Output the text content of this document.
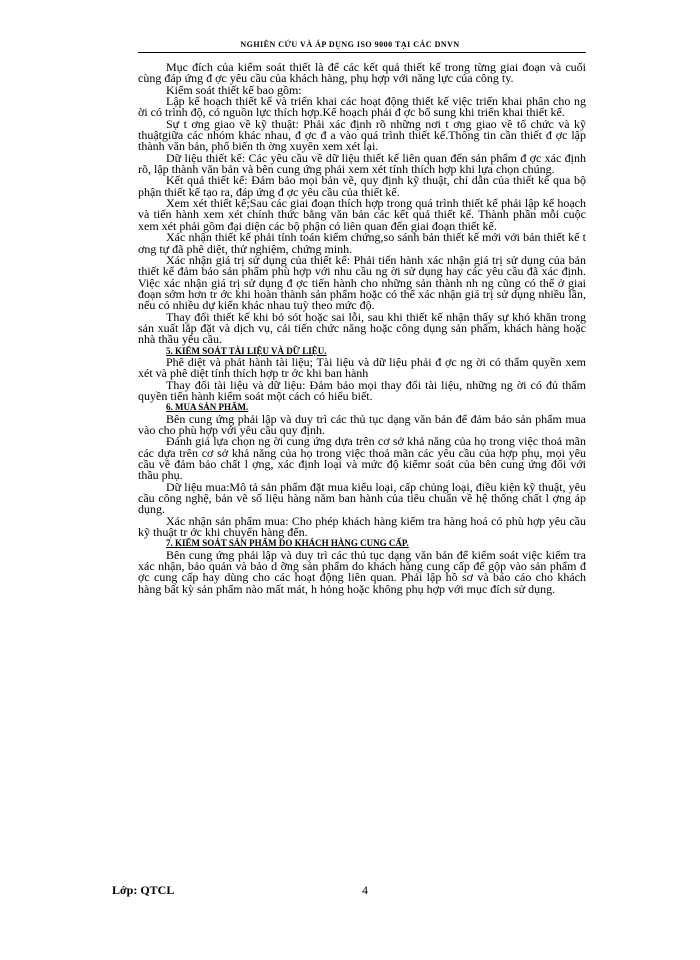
NGHIÊN CỨU VÀ ÁP DỤNG ISO 9000 TẠI CÁC DNVN

Mục đích của kiểm soát thiết là để các kết quả thiết kế trong từng giai đoạn và cuối cùng đáp ứng đ ợc yêu cầu của khách hàng, phụ hợp với năng lực của công ty.

Kiểm soát thiết kế bao gồm:

Lập kế hoạch thiết kế và triển khai các hoạt động thiết kế việc triển khai phân cho ng ời có trình độ, có nguồn lực thích hợp.Kế hoạch phải đ ợc bổ sung khi triển khai thiết kế.

Sự t ơng giao về kỹ thuật: Phải xác định rõ những nơi t ơng giao về tổ chức và kỹ thuậtgiữa các nhóm khác nhau, đ ợc đ a vào quá trình thiết kế.Thông tin cần thiết đ ợc lập thành văn bản, phổ biến th ờng xuyên xem xét lại.

Dữ liệu thiết kế: Các yêu cầu về dữ liệu thiết kế liên quan đến sản phẩm đ ợc xác định rõ, lập thành văn bản và bên cung ứng phải xem xét tính thích hợp khi lựa chọn chúng.

Kết quả thiết kế: Đảm bảo mọi bản vẽ, quy định kỹ thuật, chỉ dẫn của thiết kế qua bộ phận thiết kế tạo ra, đáp ứng đ ợc yêu cầu của thiết kế.

Xem xét thiết kế;Sau các giai đoạn thích hợp trong quá trình thiết kế phải lập kế hoạch và tiến hành xem xét chính thức bằng văn bản các kết quả thiết kế. Thành phần mỗi cuộc xem xét phải gồm đại diện các bộ phận có liên quan đến giai đoạn thiết kế.

Xác nhận thiết kế phải tính toán kiểm chứng,so sánh bản thiết kế mới với bản thiết kế t ơng tự đã phê diệt, thử nghiệm, chứng minh.

Xác nhận giá trị sử dụng của thiết kế: Phải tiến hành xác nhận giá trị sử dụng của bản thiết kế đảm bảo sản phẩm phù hợp với nhu cầu ng ời sử dụng hay các yêu cầu đã xác định. Việc xác nhận giá trị sử dụng đ ợc tiến hành cho những sản thành nh ng cũng có thể ở giai đoạn sớm hơn tr ớc khi hoàn thành sản phẩm hoặc có thể xác nhận giá trị sử dụng nhiều lần, nếu có nhiều dự kiến khác nhau tuỳ theo mức độ.

Thay đổi thiết kế khi bỏ sót hoặc sai lỗi, sau khi thiết kế nhận thấy sự khó khăn trong sản xuất lắp đặt và dịch vụ, cải tiến chức năng hoặc công dụng sản phẩm, khách hàng hoặc nhà thầu yêu cầu.

5. KIỂM SOÁT TÀI LIỆU VÀ DỮ LIỆU.

Phê diệt và phát hành tài liệu; Tài liệu và dữ liệu phải đ ợc ng ời có thẩm quyền xem xét và phê diệt tính thích hợp tr ớc khi ban hành

Thay đổi tài liệu và dữ liệu: Đảm bảo mọi thay đổi tài liệu, những ng ời có đủ thẩm quyền tiến hành kiểm soát một cách có hiểu biết.

6. MUA SẢN PHẨM.

Bên cung ứng phải lập và duy trì các thủ tục dạng văn bản để đảm bảo sản phẩm mua vào cho phù hợp với yêu cầu quy định.

Đánh giá lựa chọn ng ời cung ứng dựa trên cơ sở khả năng của họ trong việc thoả mãn các dựa trên cơ sở khả năng của họ trong việc thoả mãn các yêu cầu của hợp phụ, mọi yêu cầu về đảm bảo chất l ợng, xác định loại và mức độ kiểmr soát của bên cung ứng đối với thầu phụ.

Dữ liệu mua:Mô tả sản phẩm đặt mua kiểu loại, cấp chủng loại, điều kiện kỹ thuật, yêu cầu công nghệ, bản vẽ số liệu hàng năm ban hành của tiêu chuẩn về hệ thống chất l ợng áp dụng.

Xác nhận sản phẩm mua: Cho phép khách hàng kiểm tra hàng hoá có phù hợp yêu cầu kỹ thuật tr ớc khi chuyển hàng đến.

7. KIỂM SOÁT SẢN PHẨM DO KHÁCH HÀNG CUNG CẤP.

Bên cung ứng phải lập và duy trì các thủ tục dạng văn bản để kiểm soát việc kiểm tra xác nhận, bảo quản và bảo d ỡng sản phẩm do khách hàng cung cấp để gộp vào sản phẩm đ ợc cung cấp hay dùng cho các hoạt động liên quan. Phải lập hồ sơ và báo cáo cho khách hàng bất kỳ sản phẩm nào mất mát, h hỏng hoặc không phụ hợp với mục đích sử dụng.

Lớp: QTCL	4
